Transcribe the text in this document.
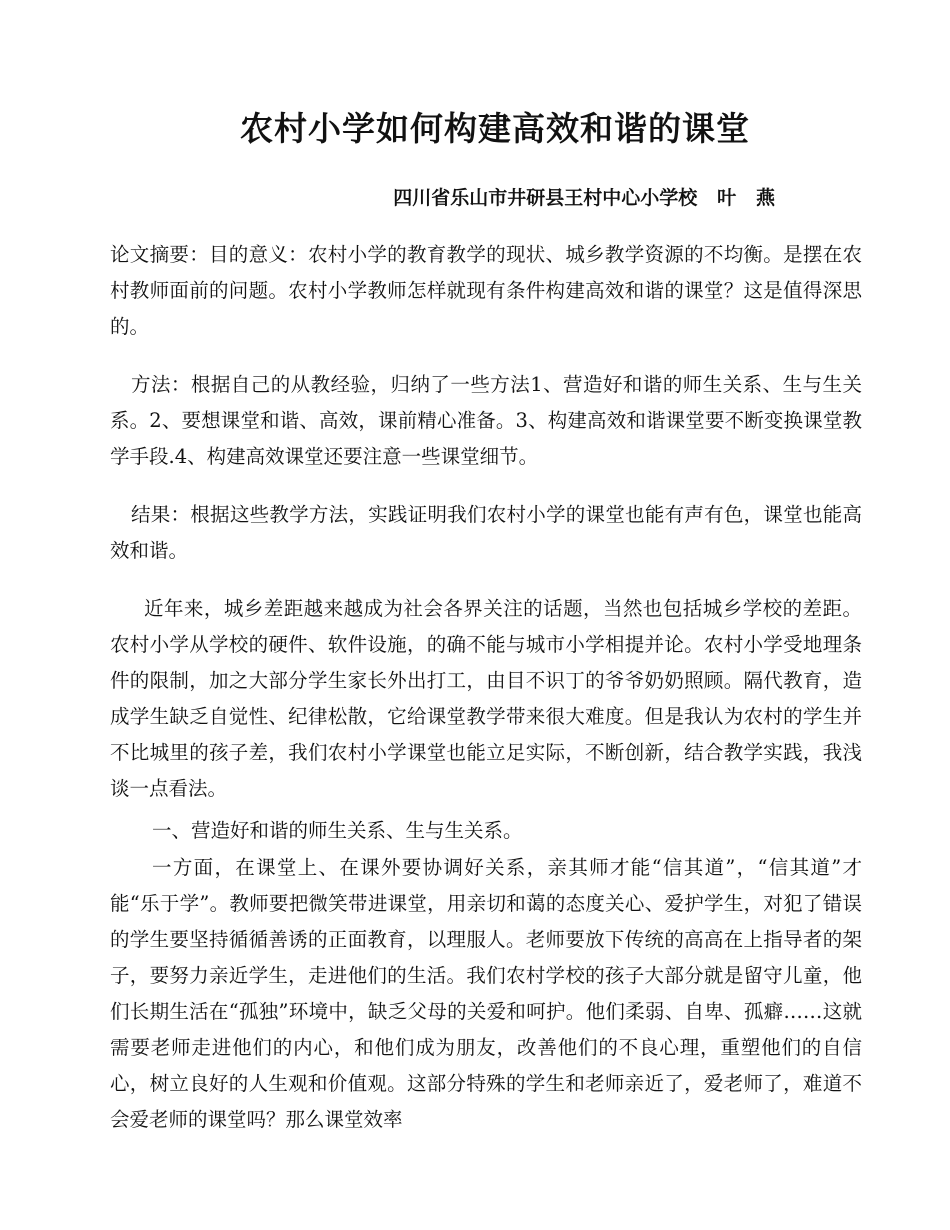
农村小学如何构建高效和谐的课堂

四川省乐山市井研县王村中心小学校   叶   燕

论文摘要：目的意义：农村小学的教育教学的现状、城乡教学资源的不均衡。是摆在农村教师面前的问题。农村小学教师怎样就现有条件构建高效和谐的课堂？这是值得深思的。

方法：根据自己的从教经验，归纳了一些方法1、营造好和谐的师生关系、生与生关系。2、要想课堂和谐、高效，课前精心准备。3、构建高效和谐课堂要不断变换课堂教学手段.4、构建高效课堂还要注意一些课堂细节。

结果：根据这些教学方法，实践证明我们农村小学的课堂也能有声有色，课堂也能高效和谐。

近年来，城乡差距越来越成为社会各界关注的话题，当然也包括城乡学校的差距。农村小学从学校的硬件、软件设施，的确不能与城市小学相提并论。农村小学受地理条件的限制，加之大部分学生家长外出打工，由目不识丁的爷爷奶奶照顾。隔代教育，造成学生缺乏自觉性、纪律松散，它给课堂教学带来很大难度。但是我认为农村的学生并不比城里的孩子差，我们农村小学课堂也能立足实际，不断创新，结合教学实践，我浅谈一点看法。

一、营造好和谐的师生关系、生与生关系。

一方面，在课堂上、在课外要协调好关系，亲其师才能“信其道”，“信其道”才能“乐于学”。教师要把微笑带进课堂，用亲切和蔼的态度关心、爱护学生，对犯了错误的学生要坚持循循善诱的正面教育，以理服人。老师要放下传统的高高在上指导者的架子，要努力亲近学生，走进他们的生活。我们农村学校的孩子大部分就是留守儿童，他们长期生活在“孤独”环境中，缺乏父母的关爱和呵护。他们柔弱、自卑、孤癖……这就需要老师走进他们的内心，和他们成为朋友，改善他们的不良心理，重塑他们的自信心，树立良好的人生观和价值观。这部分特殊的学生和老师亲近了，爱老师了，难道不会爱老师的课堂吗？那么课堂效率
